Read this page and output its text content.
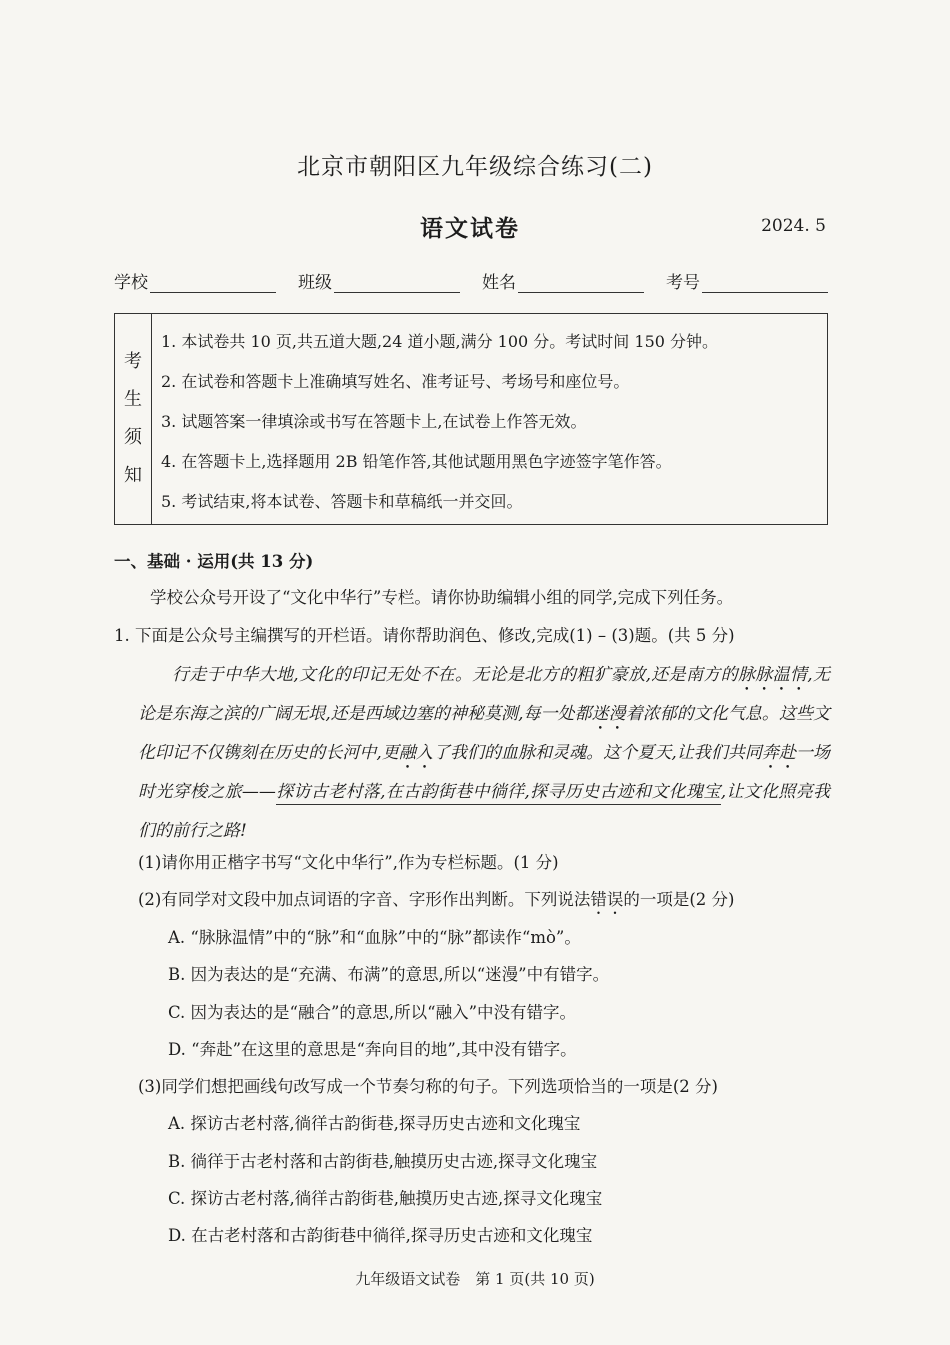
北京市朝阳区九年级综合练习(二)
语文试卷	2024. 5
学校	班级	姓名	考号
考
生
须
知
1. 本试卷共 10 页,共五道大题,24 道小题,满分 100 分。考试时间 150 分钟。
2. 在试卷和答题卡上准确填写姓名、准考证号、考场号和座位号。
3. 试题答案一律填涂或书写在答题卡上,在试卷上作答无效。
4. 在答题卡上,选择题用 2B 铅笔作答,其他试题用黑色字迹签字笔作答。
5. 考试结束,将本试卷、答题卡和草稿纸一并交回。
一、基础 · 运用(共 13 分)
学校公众号开设了“文化中华行”专栏。请你协助编辑小组的同学,完成下列任务。
1. 下面是公众号主编撰写的开栏语。请你帮助润色、修改,完成(1) – (3)题。(共 5 分)
行走于中华大地,文化的印记无处不在。无论是北方的粗犷豪放,还是南方的脉脉温情,无论是东海之滨的广阔无垠,还是西域边塞的神秘莫测,每一处都迷漫着浓郁的文化气息。这些文化印记不仅镌刻在历史的长河中,更融入了我们的血脉和灵魂。这个夏天,让我们共同奔赴一场时光穿梭之旅——探访古老村落,在古韵街巷中徜徉,探寻历史古迹和文化瑰宝,让文化照亮我们的前行之路!
(1)请你用正楷字书写“文化中华行”,作为专栏标题。(1 分)
(2)有同学对文段中加点词语的字音、字形作出判断。下列说法错误的一项是(2 分)
A. “脉脉温情”中的“脉”和“血脉”中的“脉”都读作“mò”。
B. 因为表达的是“充满、布满”的意思,所以“迷漫”中有错字。
C. 因为表达的是“融合”的意思,所以“融入”中没有错字。
D. “奔赴”在这里的意思是“奔向目的地”,其中没有错字。
(3)同学们想把画线句改写成一个节奏匀称的句子。下列选项恰当的一项是(2 分)
A. 探访古老村落,徜徉古韵街巷,探寻历史古迹和文化瑰宝
B. 徜徉于古老村落和古韵街巷,触摸历史古迹,探寻文化瑰宝
C. 探访古老村落,徜徉古韵街巷,触摸历史古迹,探寻文化瑰宝
D. 在古老村落和古韵街巷中徜徉,探寻历史古迹和文化瑰宝
九年级语文试卷　第 1 页(共 10 页)
